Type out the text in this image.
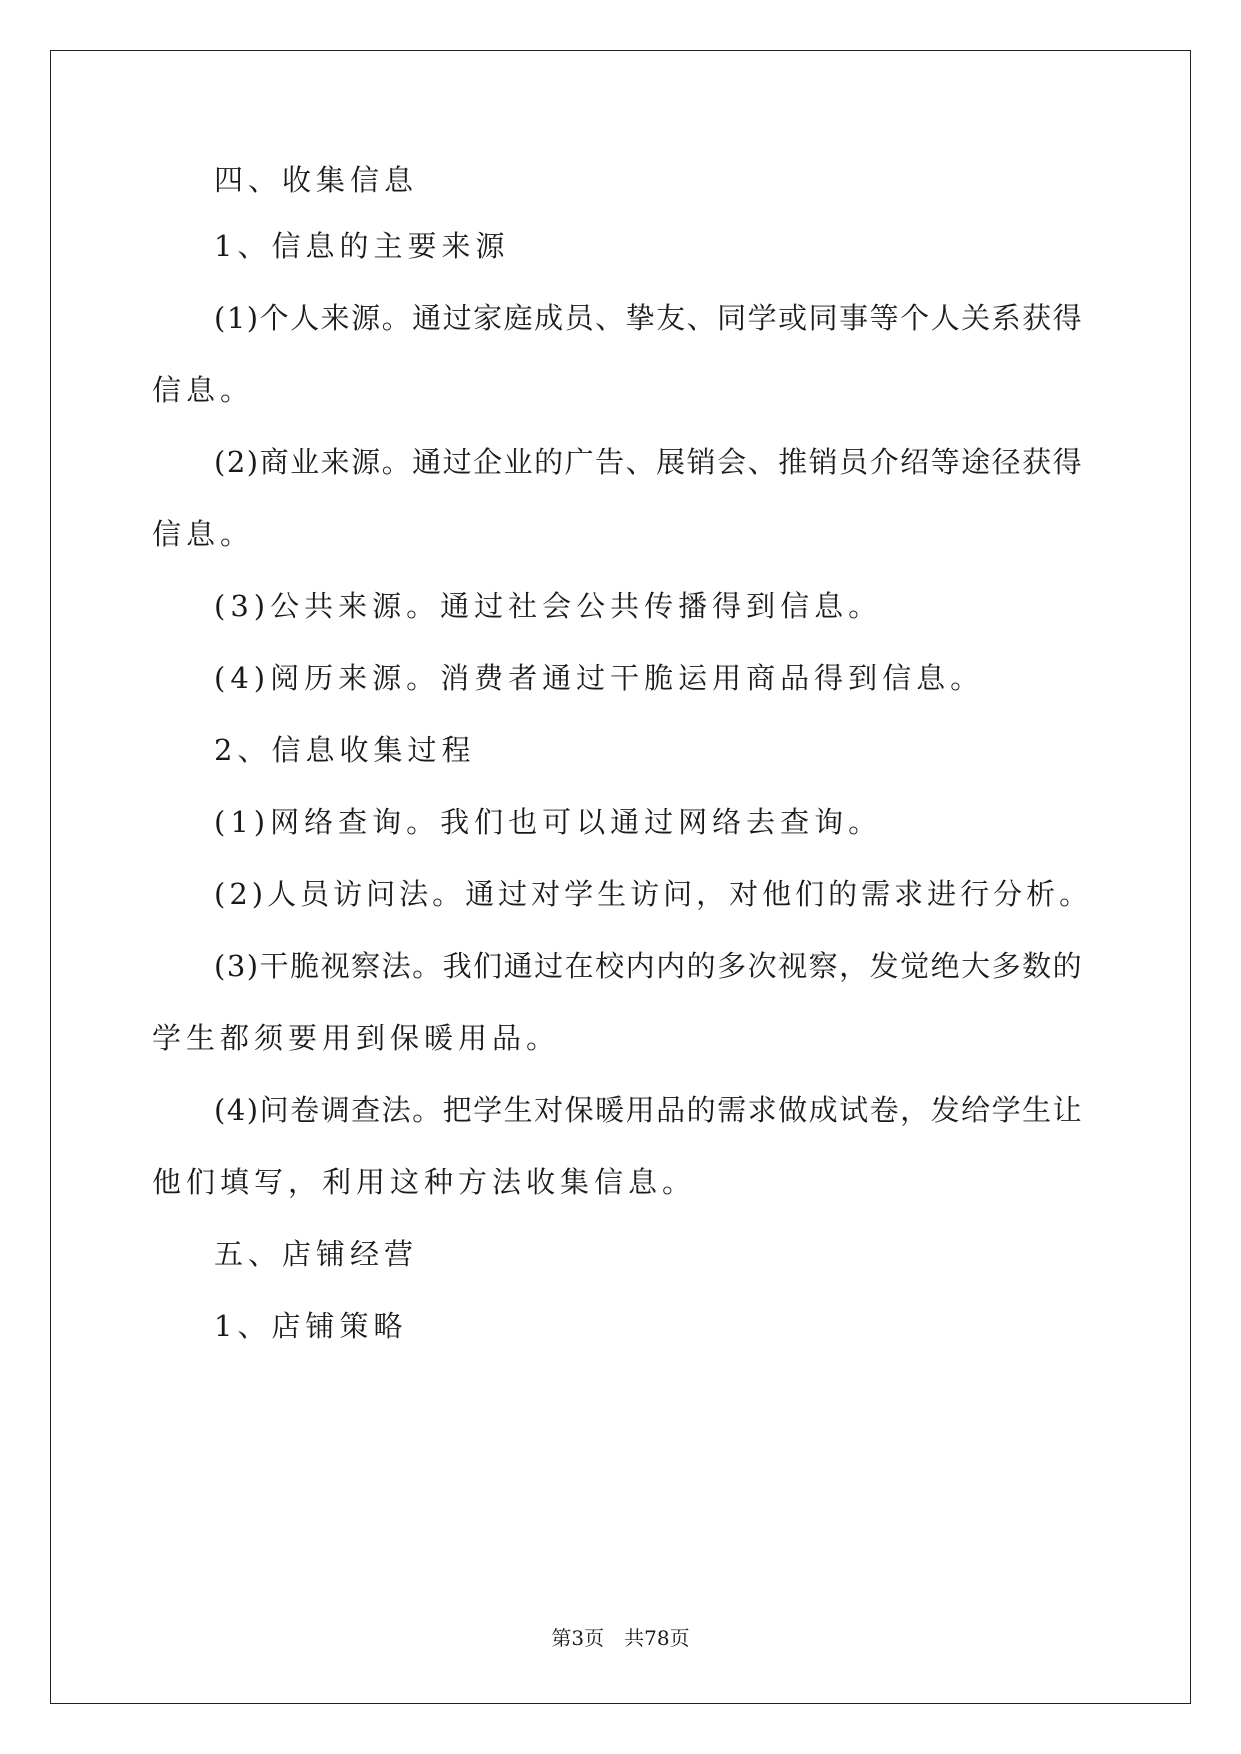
四、收集信息
1、信息的主要来源
(1)个人来源。通过家庭成员、挚友、同学或同事等个人关系获得
信息。
(2)商业来源。通过企业的广告、展销会、推销员介绍等途径获得
信息。
(3)公共来源。通过社会公共传播得到信息。
(4)阅历来源。消费者通过干脆运用商品得到信息。
2、信息收集过程
(1)网络查询。我们也可以通过网络去查询。
(2)人员访问法。通过对学生访问，对他们的需求进行分析。
(3)干脆视察法。我们通过在校内内的多次视察，发觉绝大多数的
学生都须要用到保暖用品。
(4)问卷调查法。把学生对保暖用品的需求做成试卷，发给学生让
他们填写，利用这种方法收集信息。
五、店铺经营
1、店铺策略
第3页　共78页
